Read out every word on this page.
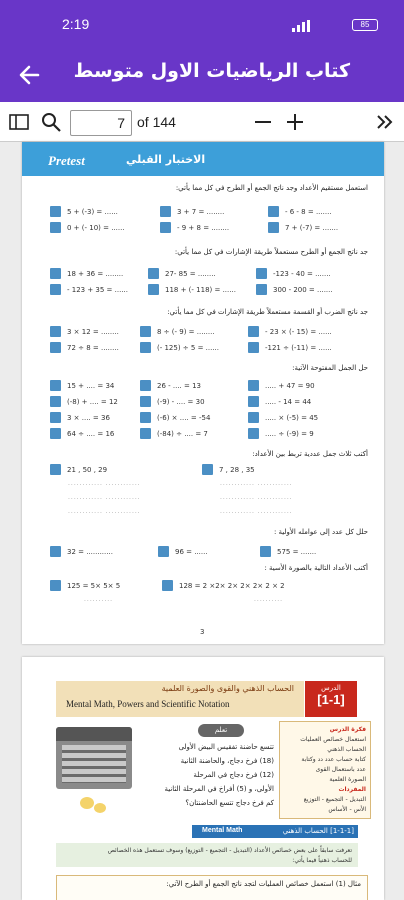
2:19	85
كتاب الرياضيات الاول متوسط
7
of 144
Pretest	الاختبار القبلي
استعمل مستقيم الأعداد وجد ناتج الجمع أو الطرح في كل مما يأتي:
5 + (-3) = ......	3 + 7 = ........	- 6 - 8 = .......
0 + (- 10) = ......	- 9 + 8 = ........	7 + (-7) = .......
جد ناتج الجمع أو الطرح مستعملاً طريقة الإشارات في كل مما يأتي:
18 + 36 = ........	27- 85 = ........	-123 - 40 = .......
- 123 + 35 = ......	118 + (- 118) = ......	300 - 200 = .......
جد ناتج الضرب أو القسمة مستعملاً طريقة الإشارات في كل مما يأتي:
3 × 12 = ........	8 ÷ (- 9) = ........	- 23 × (- 15) = ......
72 ÷ 8 = ........	(- 125) ÷ 5 = ......	-121 ÷ (-11) = ......
حل الجمل المفتوحة الآتية:
15 + .... = 34	26 - .... = 13	..... + 47 = 90
(-8) + .... = 12	(-9) - .... = 30	..... - 14 = 44
3 × .... = 36	(-6) × .... = -54	..... × (-5) = 45
64 ÷ .... = 16	(-84) ÷ .... = 7	..... ÷ (-9) = 9
أكتب ثلاث جمل عددية تربط بين الأعداد:
21 , 50 , 29	7 , 28 , 35
............ ............
............ ............
............ ............
............ ............
............ ............
............ ............
حلل كل عدد إلى عوامله الأولية :
32 = ............	96 = ......	575 = .......
أكتب الأعداد التالية بالصورة الأسية :
125 = 5× 5× 5	128 = 2 ×2× 2× 2× 2× 2 × 2
..........	..........
3
الحساب الذهني والقوى والصورة العلمية
Mental Math, Powers and Scientific Notation
الدرس
[1-1]
تعلم
تتسع حاضنة تفقيس البيض الأولى
(18) فرخ دجاج، والحاضنة الثانية
(12) فرخ دجاج في المرحلة
الأولى، و (5) أفراخ في المرحلة الثانية
كم فرخ دجاج تتسع الحاضنتان؟
فكرة الدرس
استعمال خصائص العمليات
الحساب الذهني
كتابة حساب عدد دد وكتابة
عدد باستعمال القوى
الصورة العلمية
المفردات
التبديل - التجميع - التوزيع
الأس - الأساس
Mental Math	[1-1-1] الحساب الذهني
تعرفت سابقاً على بعض خصائص الأعداد (التبديل - التجميع - التوزيع) وسوف تستعمل هذه الخصائص
للحساب ذهنياً فيما يأتي:
مثال (1) استعمل خصائص العمليات لتجد ناتج الجمع أو الطرح الآتي:
